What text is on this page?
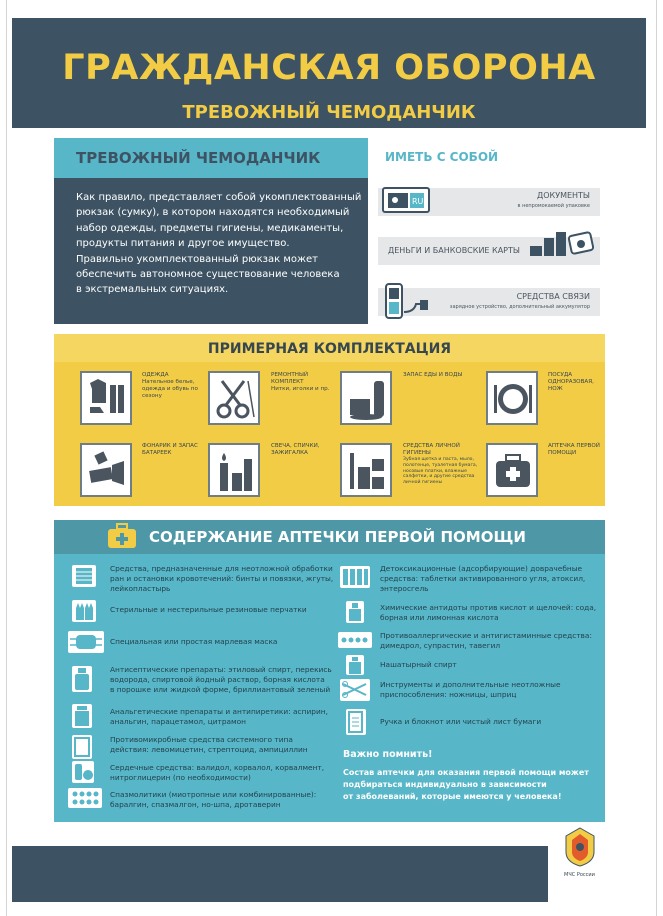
ГРАЖДАНСКАЯ ОБОРОНА
ТРЕВОЖНЫЙ ЧЕМОДАНЧИК
ТРЕВОЖНЫЙ ЧЕМОДАНЧИК
Как правило, представляет собой укомплектованный
рюкзак (сумку), в котором находятся необходимый
набор одежды, предметы гигиены, медикаменты,
продукты питания и другое имущество.
Правильно укомплектованный рюкзак может
обеспечить автономное существование человека
в экстремальных ситуациях.
ИМЕТЬ С СОБОЙ
ДОКУМЕНТЫ
в непромокаемой упаковке
RU
ДЕНЬГИ И БАНКОВСКИЕ КАРТЫ
СРЕДСТВА СВЯЗИ
зарядное устройство, дополнительный аккумулятор
ПРИМЕРНАЯ КОМПЛЕКТАЦИЯ
ОДЕЖДА
Нательное белье, одежда и обувь по сезону
РЕМОНТНЫЙ КОМПЛЕКТ
Нитки, иголки и пр.
ЗАПАС ЕДЫ И ВОДЫ	ПОСУДА ОДНОРАЗОВАЯ, НОЖ
ФОНАРИК И ЗАПАС БАТАРЕЕК
СВЕЧА, СПИЧКИ, ЗАЖИГАЛКА
СРЕДСТВА ЛИЧНОЙ ГИГИЕНЫ
Зубная щетка и паста, мыло, полотенце, туалетная бумага, носовые платки, влажные салфетки, и другие средства личной гигиены
АПТЕЧКА ПЕРВОЙ ПОМОЩИ
СОДЕРЖАНИЕ АПТЕЧКИ ПЕРВОЙ ПОМОЩИ
Средства, предназначенные для неотложной обработки
ран и остановки кровотечений: бинты и повязки, жгуты,
лейкопластырь
Стерильные и нестерильные резиновые перчатки
Специальная или простая марлевая маска
Антисептические препараты: этиловый спирт, перекись
водорода, спиртовой йодный раствор, борная кислота
в порошке или жидкой форме, бриллиантовый зеленый
Анальгетические препараты и антипиретики: аспирин,
анальгин, парацетамол, цитрамон
Противомикробные средства системного типа
действия: левомицетин, стрептоцид, ампициллин
Сердечные средства: валидол, корвалол, корвалмент,
нитроглицерин (по необходимости)
Спазмолитики (миотропные или комбинированные):
баралгин, спазмалгон, но-шпа, дротаверин
Детоксикационные (адсорбирующие) доврачебные
средства: таблетки активированного угля, атоксил,
энтеросгель
Химические антидоты против кислот и щелочей: сода,
борная или лимонная кислота
Противоаллергические и антигистаминные средства:
димедрол, супрастин, тавегил
Нашатырный спирт
Инструменты и дополнительные неотложные
приспособления: ножницы, шприц
Ручка и блокнот или чистый лист бумаги
Важно помнить!
Состав аптечки для оказания первой помощи может
подбираться индивидуально в зависимости
от заболеваний, которые имеются у человека!
МЧС России
